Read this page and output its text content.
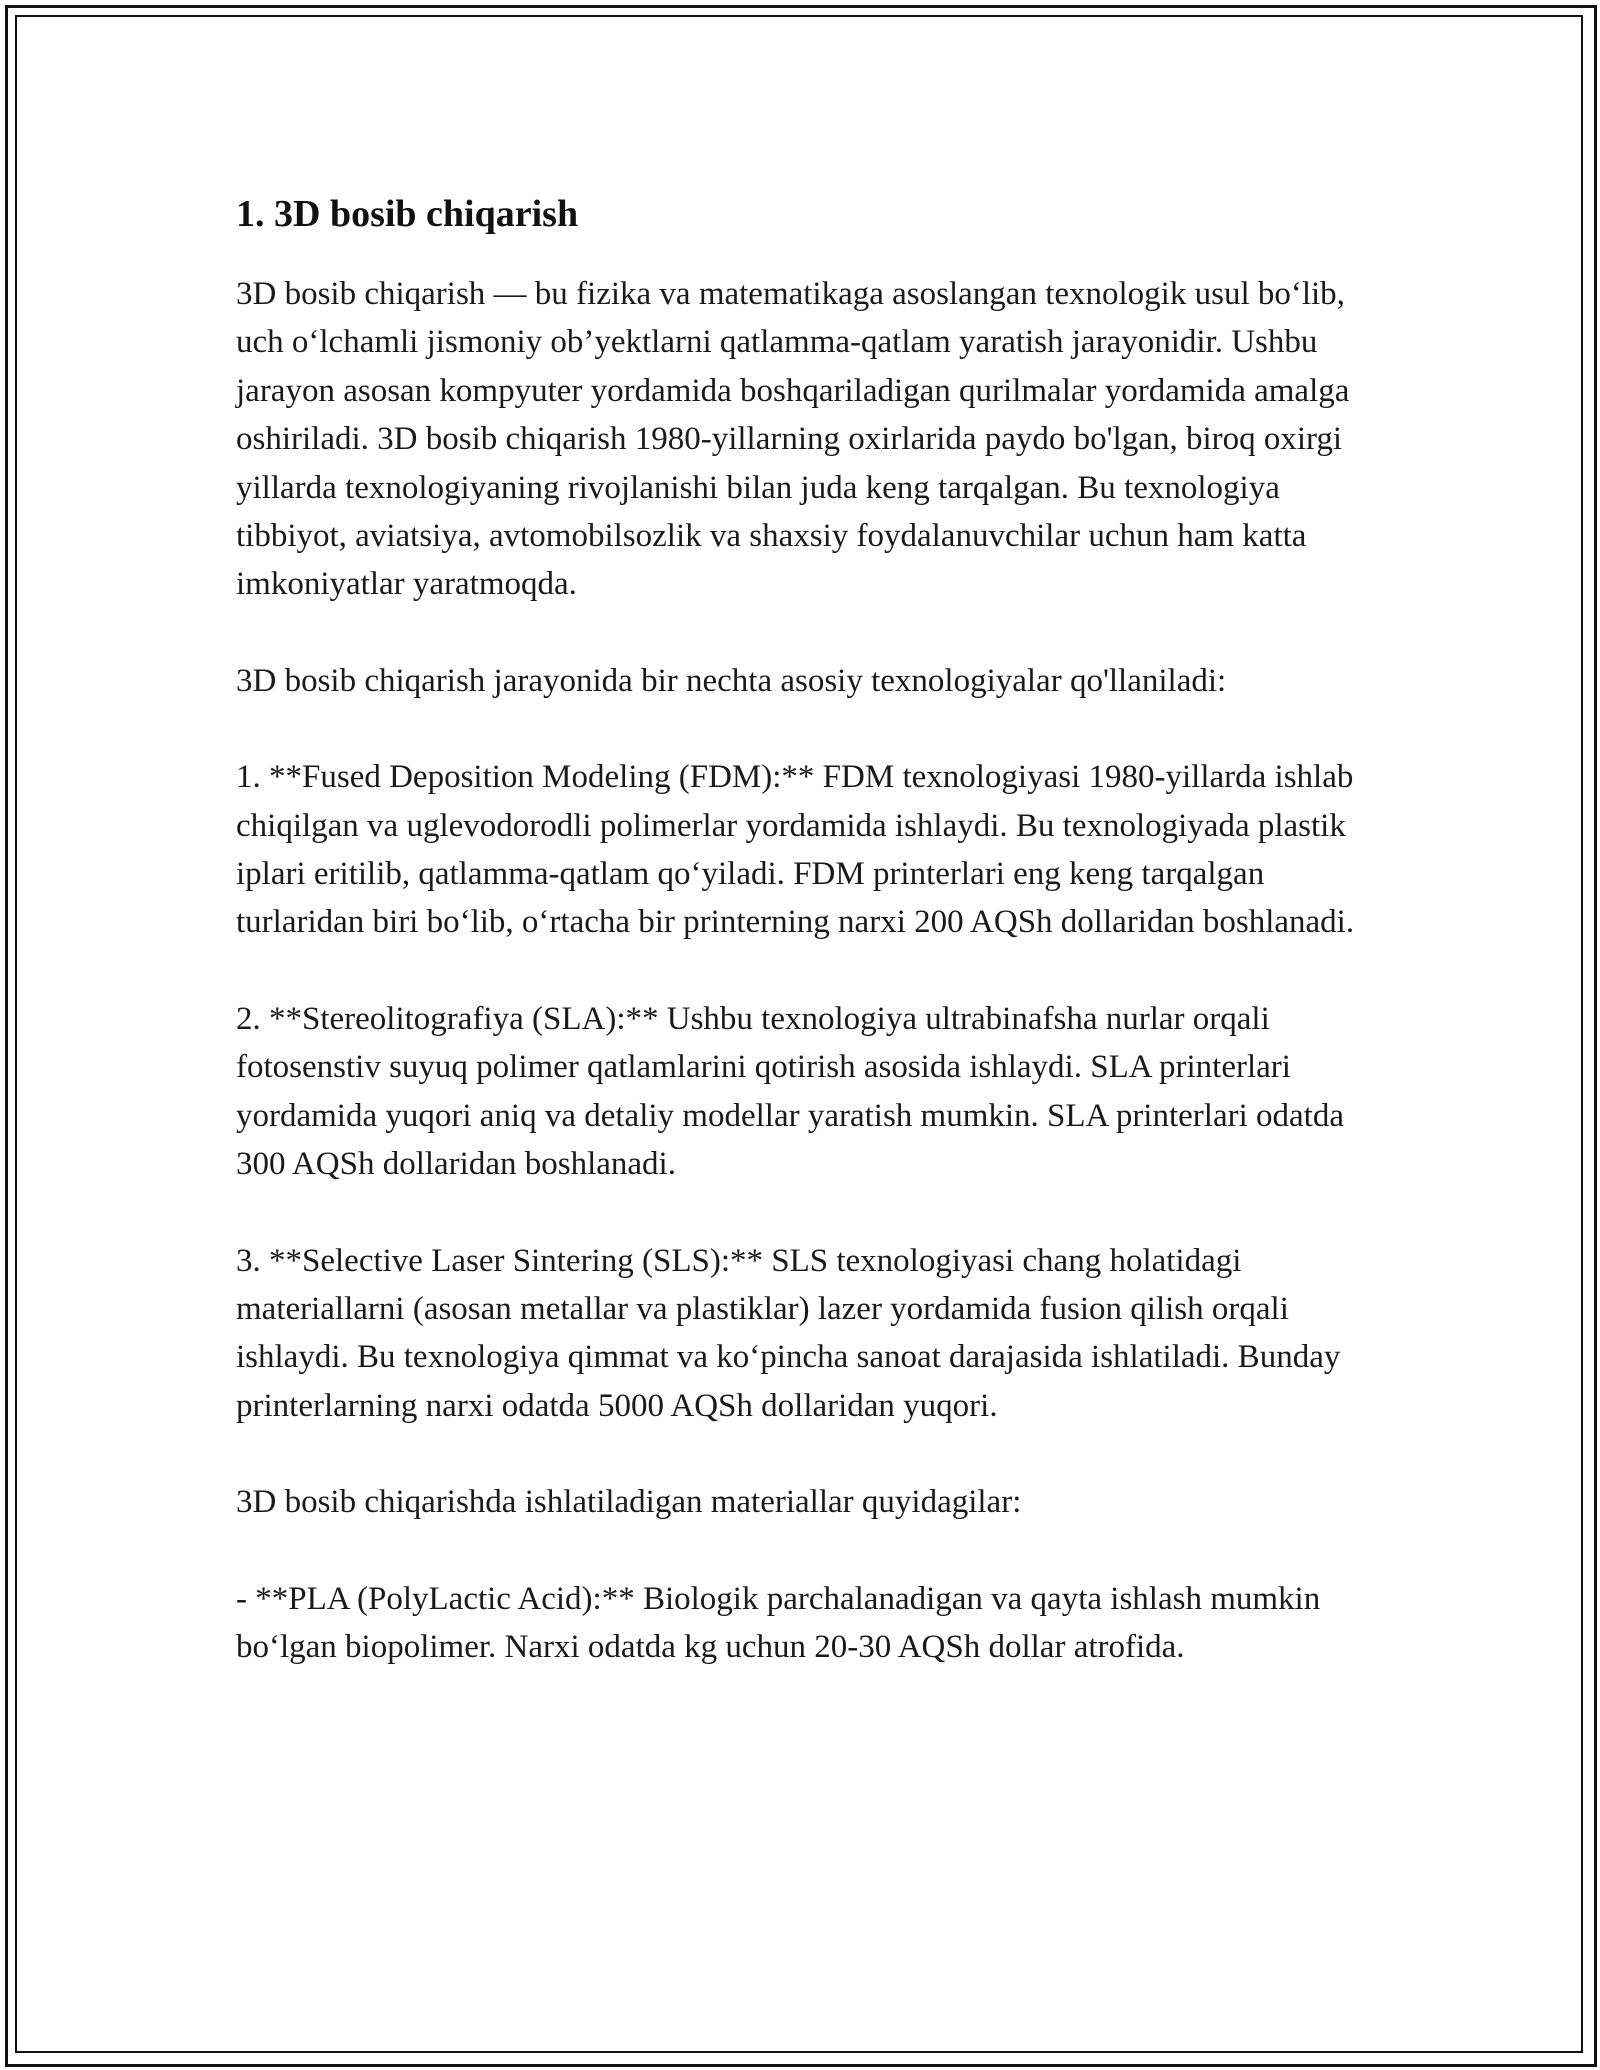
1. 3D bosib chiqarish

3D bosib chiqarish — bu fizika va matematikaga asoslangan texnologik usul bo‘lib, uch o‘lchamli jismoniy ob’yektlarni qatlamma-qatlam yaratish jarayonidir. Ushbu jarayon asosan kompyuter yordamida boshqariladigan qurilmalar yordamida amalga oshiriladi. 3D bosib chiqarish 1980-yillarning oxirlarida paydo bo'lgan, biroq oxirgi yillarda texnologiyaning rivojlanishi bilan juda keng tarqalgan. Bu texnologiya tibbiyot, aviatsiya, avtomobilsozlik va shaxsiy foydalanuvchilar uchun ham katta imkoniyatlar yaratmoqda.

3D bosib chiqarish jarayonida bir nechta asosiy texnologiyalar qo'llaniladi:

1. **Fused Deposition Modeling (FDM):** FDM texnologiyasi 1980-yillarda ishlab chiqilgan va uglevodorodli polimerlar yordamida ishlaydi. Bu texnologiyada plastik iplari eritilib, qatlamma-qatlam qo‘yiladi. FDM printerlari eng keng tarqalgan turlaridan biri bo‘lib, o‘rtacha bir printerning narxi 200 AQSh dollaridan boshlanadi.

2. **Stereolitografiya (SLA):** Ushbu texnologiya ultrabinafsha nurlar orqali fotosenstiv suyuq polimer qatlamlarini qotirish asosida ishlaydi. SLA printerlari yordamida yuqori aniq va detaliy modellar yaratish mumkin. SLA printerlari odatda 300 AQSh dollaridan boshlanadi.

3. **Selective Laser Sintering (SLS):** SLS texnologiyasi chang holatidagi materiallarni (asosan metallar va plastiklar) lazer yordamida fusion qilish orqali ishlaydi. Bu texnologiya qimmat va ko‘pincha sanoat darajasida ishlatiladi. Bunday printerlarning narxi odatda 5000 AQSh dollaridan yuqori.

3D bosib chiqarishda ishlatiladigan materiallar quyidagilar:

- **PLA (PolyLactic Acid):** Biologik parchalanadigan va qayta ishlash mumkin bo‘lgan biopolimer. Narxi odatda kg uchun 20-30 AQSh dollar atrofida.
